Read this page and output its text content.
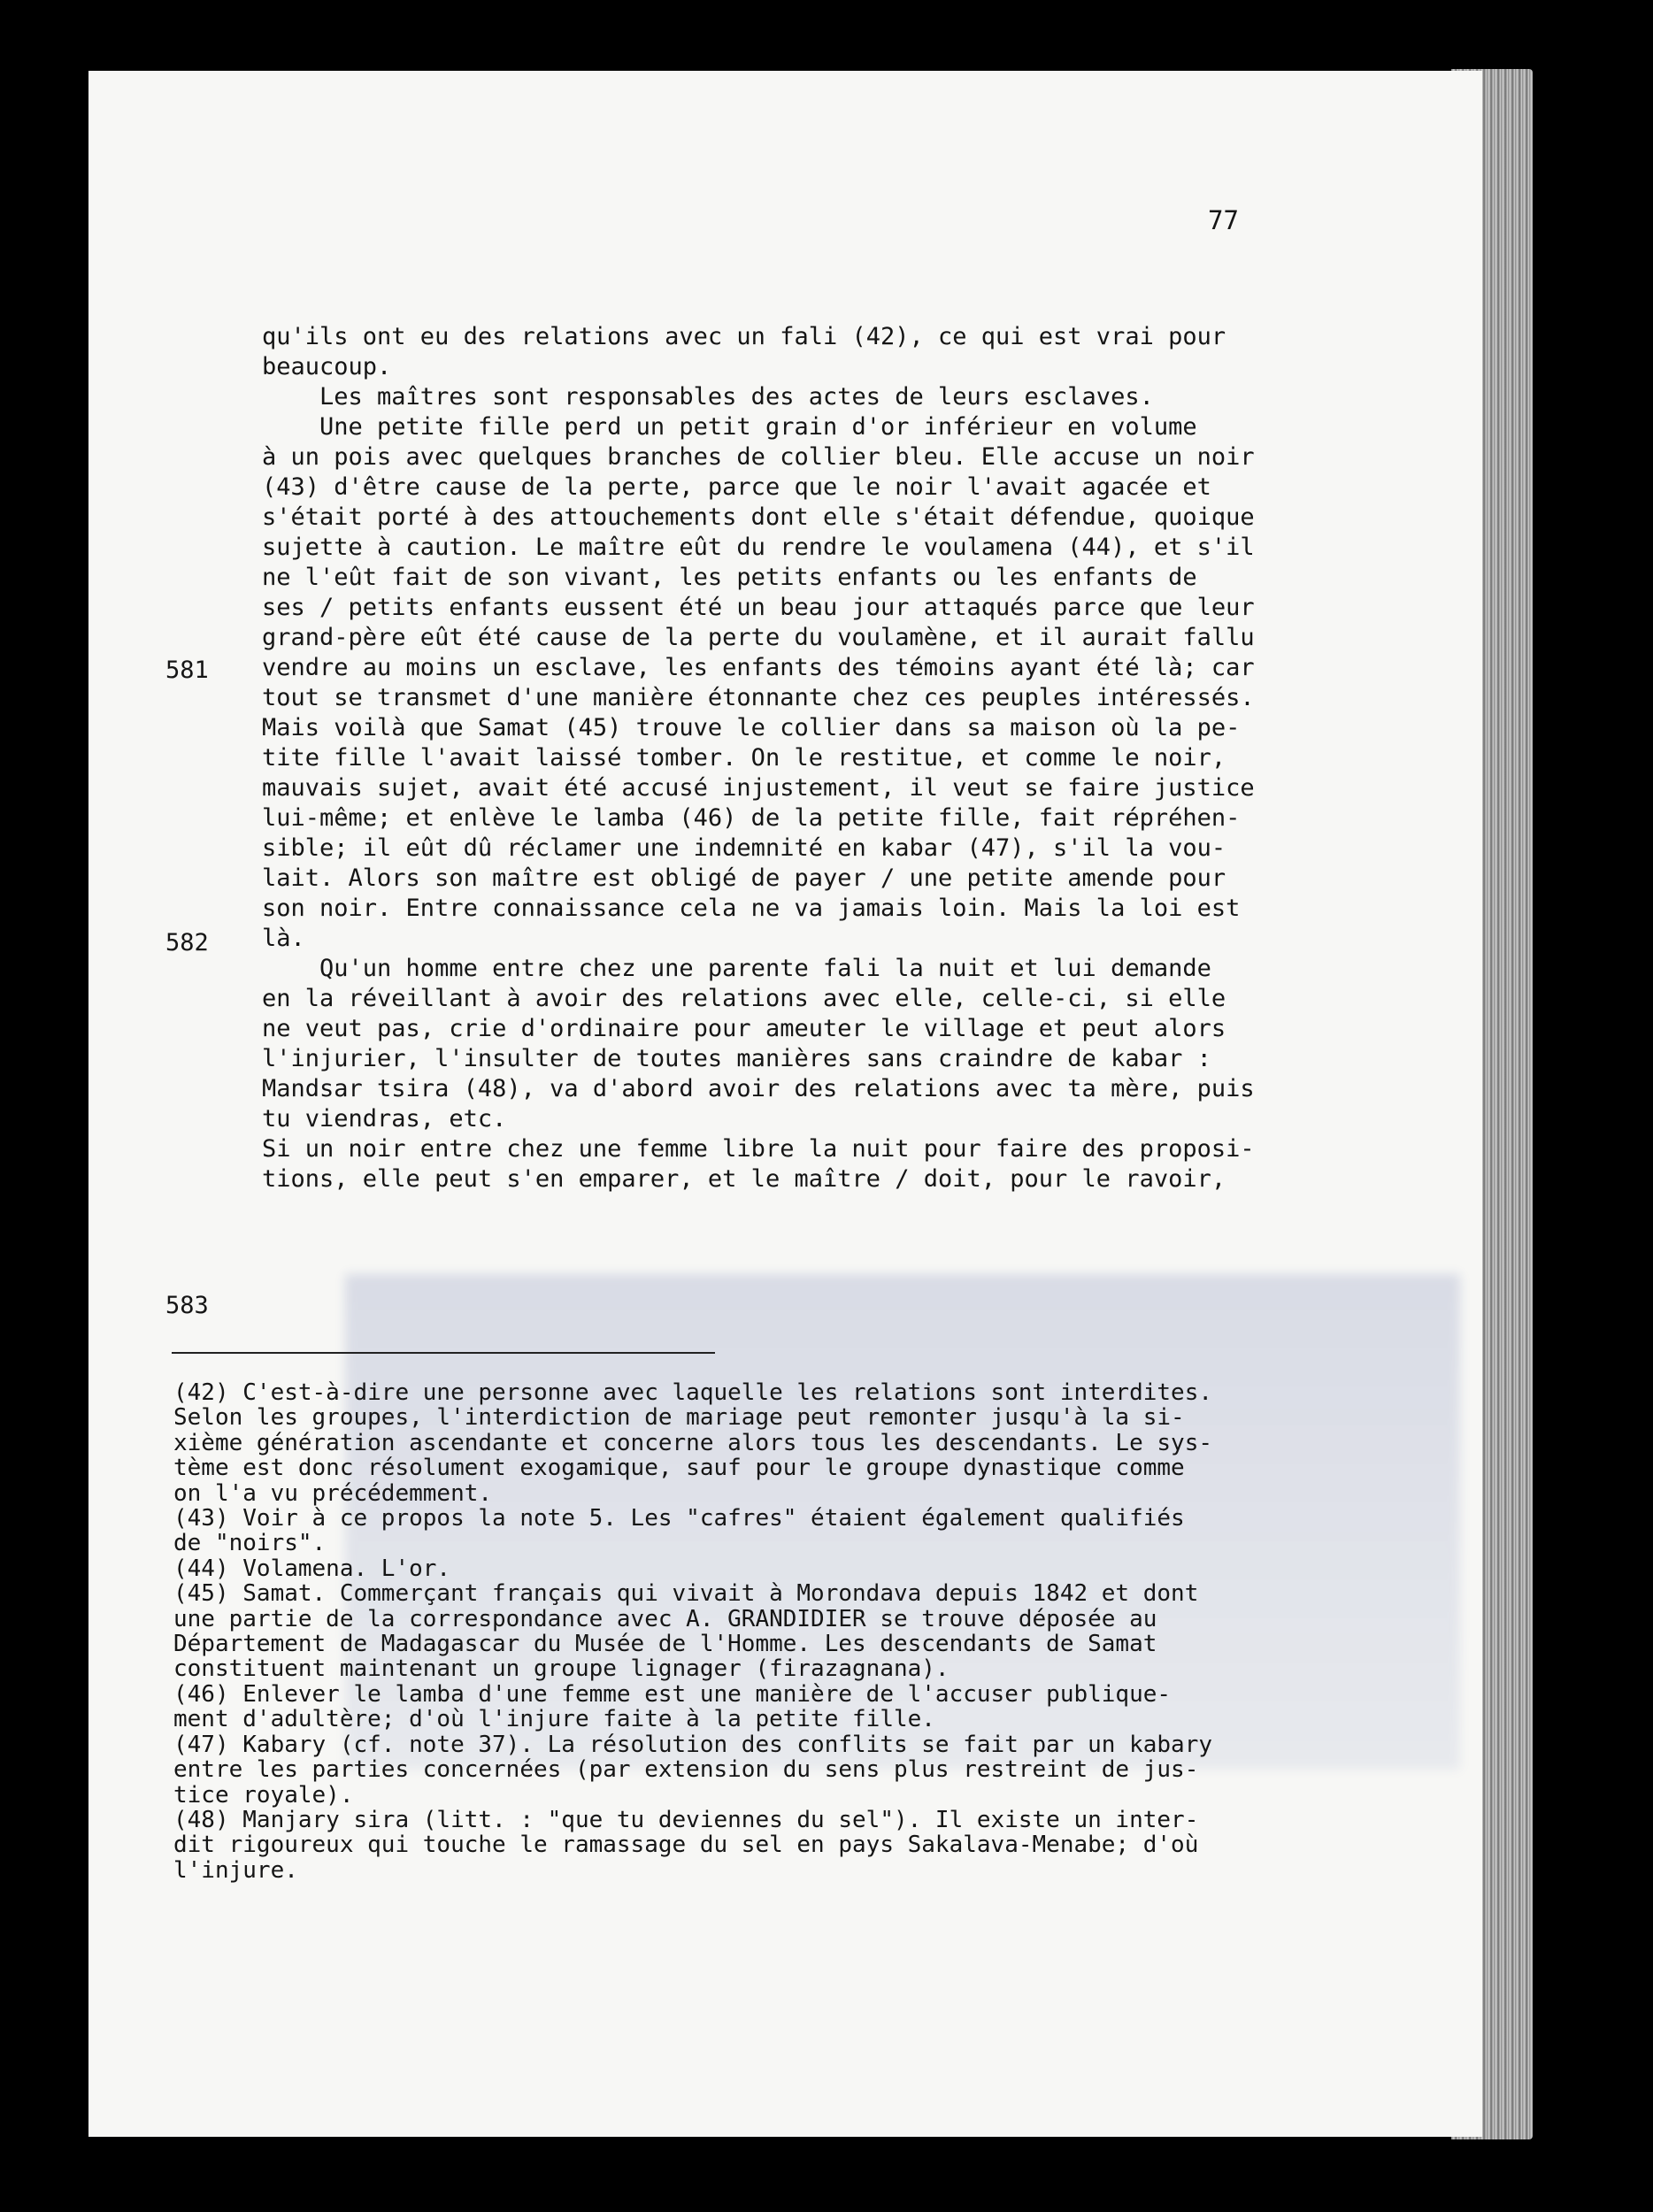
77
581
582
583

qu'ils ont eu des relations avec un fali (42), ce qui est vrai pour

beaucoup.

Les maîtres sont responsables des actes de leurs esclaves.

Une petite fille perd un petit grain d'or inférieur en volume

à un pois avec quelques branches de collier bleu. Elle accuse un noir

(43) d'être cause de la perte, parce que le noir l'avait agacée et

s'était porté à des attouchements dont elle s'était défendue, quoique

sujette à caution. Le maître eût du rendre le voulamena (44), et s'il

ne l'eût fait de son vivant, les petits enfants ou les enfants de

ses / petits enfants eussent été un beau jour attaqués parce que leur

grand-père eût été cause de la perte du voulamène, et il aurait fallu

vendre au moins un esclave, les enfants des témoins ayant été là; car

tout se transmet d'une manière étonnante chez ces peuples intéressés.

Mais voilà que Samat (45) trouve le collier dans sa maison où la pe-

tite fille l'avait laissé tomber. On le restitue, et comme le noir,

mauvais sujet, avait été accusé injustement, il veut se faire justice

lui-même; et enlève le lamba (46) de la petite fille, fait répréhen-

sible; il eût dû réclamer une indemnité en kabar (47), s'il la vou-

lait. Alors son maître est obligé de payer / une petite amende pour

son noir. Entre connaissance cela ne va jamais loin. Mais la loi est

là.

Qu'un homme entre chez une parente fali la nuit et lui demande

en la réveillant à avoir des relations avec elle, celle-ci, si elle

ne veut pas, crie d'ordinaire pour ameuter le village et peut alors

l'injurier, l'insulter de toutes manières sans craindre de kabar :

Mandsar tsira (48), va d'abord avoir des relations avec ta mère, puis

tu viendras, etc.

Si un noir entre chez une femme libre la nuit pour faire des proposi-

tions, elle peut s'en emparer, et le maître / doit, pour le ravoir,

(42) C'est-à-dire une personne avec laquelle les relations sont interdites.

Selon les groupes, l'interdiction de mariage peut remonter jusqu'à la si-

xième génération ascendante et concerne alors tous les descendants. Le sys-

tème est donc résolument exogamique, sauf pour le groupe dynastique comme

on l'a vu précédemment.

(43) Voir à ce propos la note 5. Les "cafres" étaient également qualifiés

de "noirs".

(44) Volamena. L'or.

(45) Samat. Commerçant français qui vivait à Morondava depuis 1842 et dont

une partie de la correspondance avec A. GRANDIDIER se trouve déposée au

Département de Madagascar du Musée de l'Homme. Les descendants de Samat

constituent maintenant un groupe lignager (firazagnana).

(46) Enlever le lamba d'une femme est une manière de l'accuser publique-

ment d'adultère; d'où l'injure faite à la petite fille.

(47) Kabary (cf. note 37). La résolution des conflits se fait par un kabary

entre les parties concernées (par extension du sens plus restreint de jus-

tice royale).

(48) Manjary sira (litt. : "que tu deviennes du sel"). Il existe un inter-

dit rigoureux qui touche le ramassage du sel en pays Sakalava-Menabe; d'où

l'injure.
